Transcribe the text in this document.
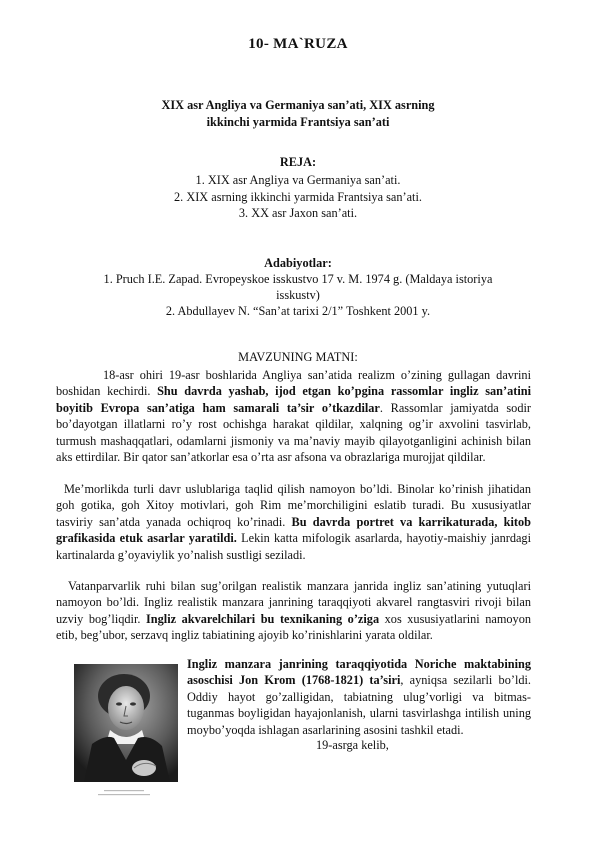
10- MA`RUZA
XIX asr Angliya va Germaniya san’ati, XIX asrning
ikkinchi yarmida Frantsiya san’ati
REJA:
1. XIX asr Angliya va Germaniya san’ati.
2. XIX asrning ikkinchi yarmida Frantsiya san’ati.
3. XX asr Jaxon san’ati.
Adabiyotlar:
1. Pruch I.E. Zapad. Evropeyskoe isskustvo 17 v. M. 1974 g. (Maldaya istoriya isskustv)
2. Abdullayev N. “San’at tarixi 2/1” Toshkent 2001 y.
MAVZUNING MATNI:
18-asr ohiri 19-asr boshlarida Angliya san’atida realizm o’zining gullagan davrini boshidan kechirdi. Shu davrda yashab, ijod etgan ko’pgina rassomlar ingliz san’atini boyitib Evropa san’atiga ham samarali ta’sir o’tkazdilar. Rassomlar jamiyatda sodir bo’dayotgan illatlarni ro’y rost ochishga harakat qildilar, xalqning og’ir axvolini tasvirlab, turmush mashaqqatlari, odamlarni jismoniy va ma’naviy mayib qilayotganligini achinish bilan aks ettirdilar. Bir qator san’atkorlar esa o’rta asr afsona va obrazlariga murojjat qildilar.
Me’morlikda turli davr uslublariga taqlid qilish namoyon bo’ldi. Binolar ko’rinish jihatidan goh gotika, goh Xitoy motivlari, goh Rim me’morchiligini eslatib turadi. Bu xususiyatlar tasviriy san’atda yanada ochiqroq ko’rinadi. Bu davrda portret va karrikaturada, kitob grafikasida etuk asarlar yaratildi. Lekin katta mifologik asarlarda, hayotiy-maishiy janrdagi kartinalarda g’oyaviylik yo’nalish sustligi seziladi.
Vatanparvarlik ruhi bilan sug’orilgan realistik manzara janrida ingliz san’atining yutuqlari namoyon bo’ldi. Ingliz realistik manzara janrining taraqqiyoti akvarel rangtasviri rivoji bilan uzviy bog’liqdir. Ingliz akvarelchilari bu texnikaning o’ziga xos xususiyatlarini namoyon etib, beg’ubor, serzavq ingliz tabiatining ajoyib ko’rinishlarini yarata oldilar.
Ingliz manzara janrining taraqqiyotida Noriche maktabining asoschisi Jon Krom (1768-1821) ta’siri, ayniqsa sezilarli bo’ldi. Oddiy hayot go’zalligidan, tabiatning ulug’vorligi va bitmas-tuganmas boyligidan hayajonlanish, ularni tasvirlashga intilish uning moybo’yoqda ishlagan asarlarining asosini tashkil etadi.
19-asrga kelib,
